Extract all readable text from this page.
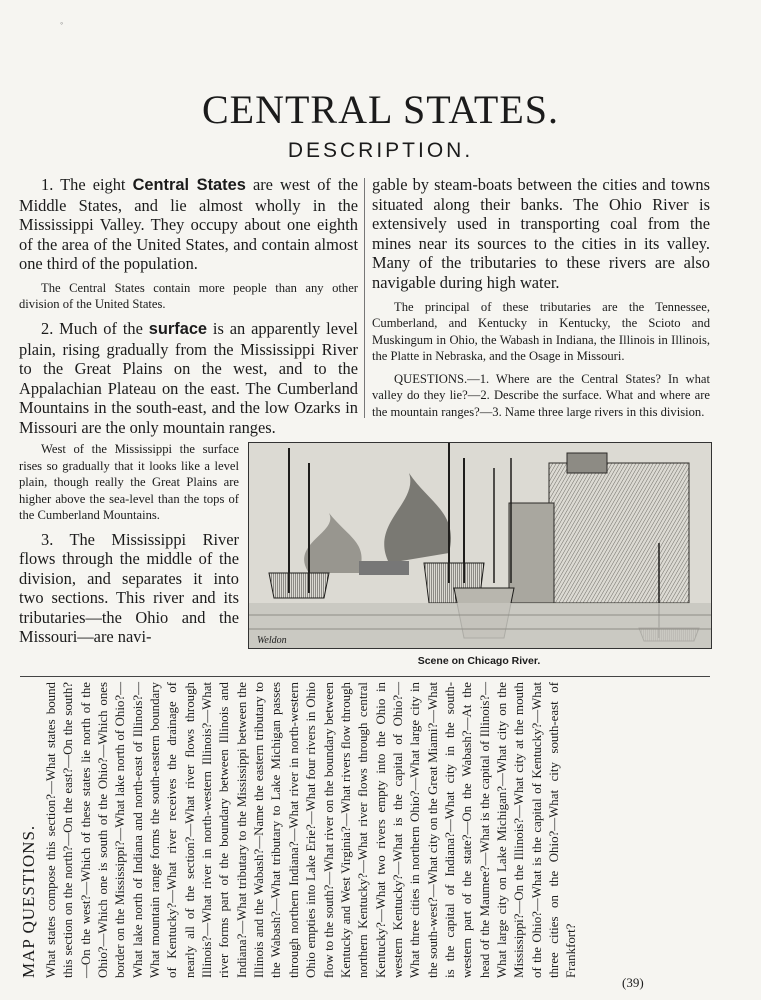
◦
CENTRAL STATES.
DESCRIPTION.

1. The eight Central States are west of the Middle States, and lie almost wholly in the Mississippi Valley. They occupy about one eighth of the area of the United States, and contain almost one third of the population.

The Central States contain more people than any other division of the United States.

2. Much of the surface is an apparently level plain, rising gradually from the Mississippi River to the Great Plains on the west, and to the Appalachian Plateau on the east. The Cumberland Mountains in the south-east, and the low Ozarks in Missouri are the only mountain ranges.

gable by steam-boats between the cities and towns situated along their banks. The Ohio River is extensively used in transporting coal from the mines near its sources to the cities in its valley. Many of the tributaries to these rivers are also navigable during high water.

The principal of these tributaries are the Tennessee, Cumberland, and Kentucky in Kentucky, the Scioto and Muskingum in Ohio, the Wabash in Indiana, the Illinois in Illinois, the Platte in Nebraska, and the Osage in Missouri.

QUESTIONS.—1. Where are the Central States? In what valley do they lie?—2. Describe the surface. What and where are the mountain ranges?—3. Name three large rivers in this division.

West of the Mississippi the surface rises so gradually that it looks like a level plain, though really the Great Plains are higher above the sea-level than the tops of the Cumberland Mountains.

3. The Mississippi River flows through the middle of the division, and separates it into two sections. This river and its tributaries—the Ohio and the Missouri—are navi-	Weldon
Scene on Chicago River.
MAP QUESTIONS. What states compose this section?—What states bound this section on the north?—On the east?—On the south?—On the west?—Which of these states lie north of the Ohio?—Which one is south of the Ohio?—Which ones border on the Mississippi?—What lake north of Ohio?—What lake north of Indiana and north-east of Illinois?—What mountain range forms the south-eastern boundary of Kentucky?—What river receives the drainage of nearly all of the section?—What river flows through Illinois?—What river in north-western Illinois?—What river forms part of the boundary between Illinois and Indiana?—What tributary to the Mississippi between the Illinois and the Wabash?—Name the eastern tributary to the Wabash?—What tributary to Lake Michigan passes through northern Indiana?—What river in north-western Ohio empties into Lake Erie?—What four rivers in Ohio flow to the south?—What river on the boundary between Kentucky and West Virginia?—What rivers flow through northern Kentucky?—What river flows through central Kentucky?—What two rivers empty into the Ohio in western Kentucky?—What is the capital of Ohio?—What three cities in northern Ohio?—What large city in the south-west?—What city on the Great Miami?—What is the capital of Indiana?—What city in the south-western part of the state?—On the Wabash?—At the head of the Maumee?—What is the capital of Illinois?—What large city on Lake Michigan?—What city on the Mississippi?—On the Illinois?—What city at the mouth of the Ohio?—What is the capital of Kentucky?—What three cities on the Ohio?—What city south-east of Frankfort?

(39)
